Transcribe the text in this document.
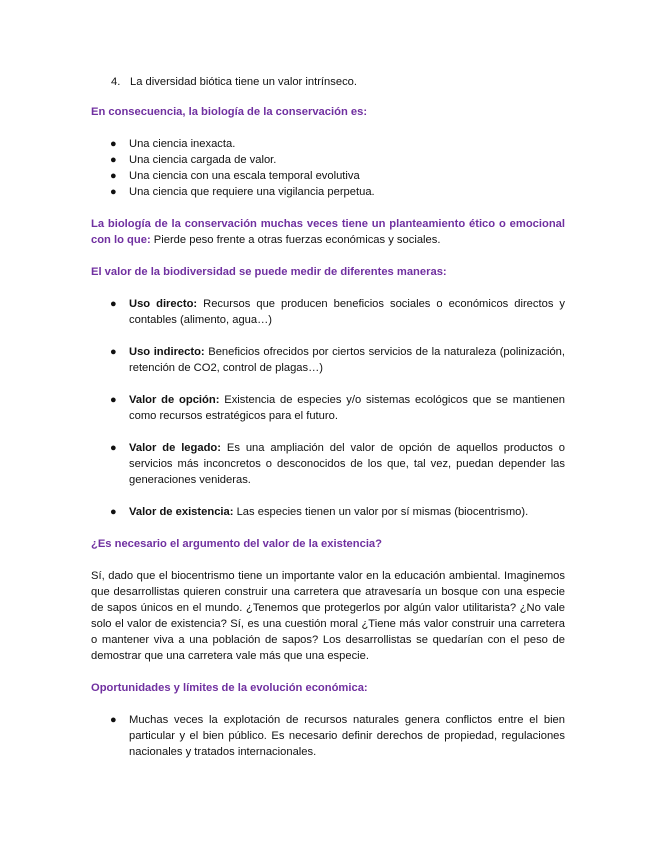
4. La diversidad biótica tiene un valor intrínseco.

En consecuencia, la biología de la conservación es:

● Una ciencia inexacta.
● Una ciencia cargada de valor.
● Una ciencia con una escala temporal evolutiva
● Una ciencia que requiere una vigilancia perpetua.

La biología de la conservación muchas veces tiene un planteamiento ético o emocional con lo que: Pierde peso frente a otras fuerzas económicas y sociales.

El valor de la biodiversidad se puede medir de diferentes maneras:

● Uso directo: Recursos que producen beneficios sociales o económicos directos y contables (alimento, agua…)
● Uso indirecto: Beneficios ofrecidos por ciertos servicios de la naturaleza (polinización, retención de CO2, control de plagas…)
● Valor de opción: Existencia de especies y/o sistemas ecológicos que se mantienen como recursos estratégicos para el futuro.
● Valor de legado: Es una ampliación del valor de opción de aquellos productos o servicios más inconcretos o desconocidos de los que, tal vez, puedan depender las generaciones venideras.
● Valor de existencia: Las especies tienen un valor por sí mismas (biocentrismo).

¿Es necesario el argumento del valor de la existencia?

Sí, dado que el biocentrismo tiene un importante valor en la educación ambiental. Imaginemos que desarrollistas quieren construir una carretera que atravesaría un bosque con una especie de sapos únicos en el mundo. ¿Tenemos que protegerlos por algún valor utilitarista? ¿No vale solo el valor de existencia? Sí, es una cuestión moral ¿Tiene más valor construir una carretera o mantener viva a una población de sapos? Los desarrollistas se quedarían con el peso de demostrar que una carretera vale más que una especie.

Oportunidades y límites de la evolución económica:

● Muchas veces la explotación de recursos naturales genera conflictos entre el bien particular y el bien público. Es necesario definir derechos de propiedad, regulaciones nacionales y tratados internacionales.
